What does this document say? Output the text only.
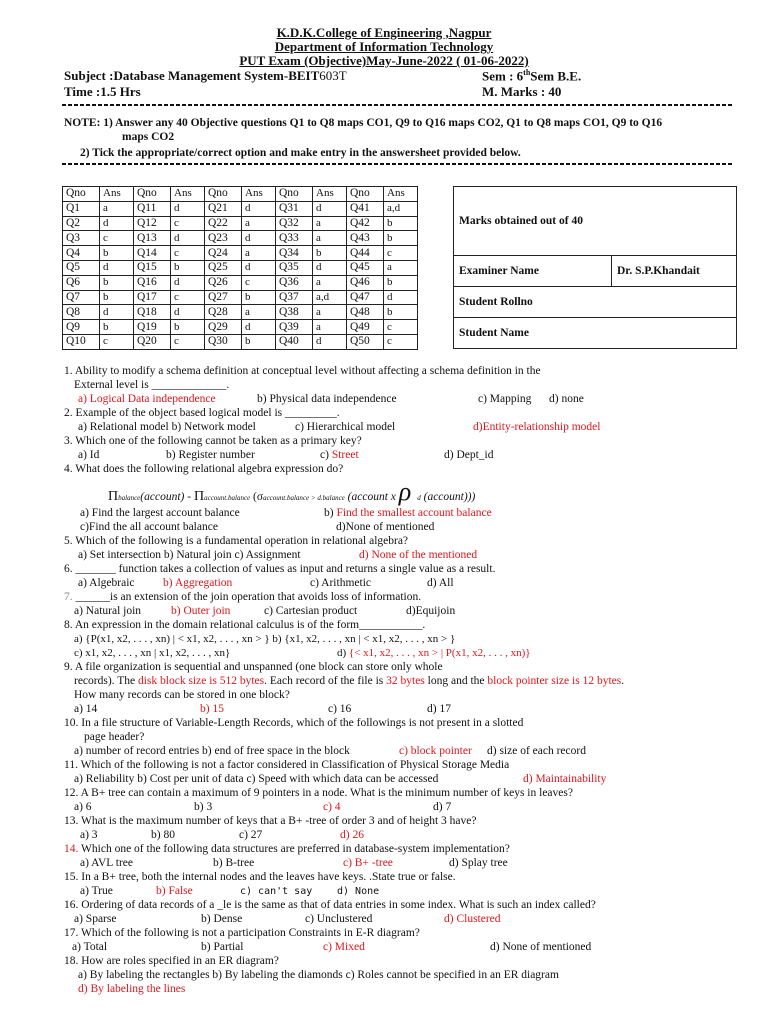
K.D.K.College of Engineering ,Nagpur
Department of Information Technology
PUT Exam (Objective)May-June-2022 ( 01-06-2022)
Subject :Database Management System-BEIT603T	Sem : 6thSem B.E.
Time :1.5 Hrs	M. Marks : 40
NOTE: 1) Answer any 40 Objective questions Q1 to Q8 maps CO1, Q9 to Q16 maps CO2, Q1 to Q8 maps CO1, Q9 to Q16
maps CO2
2) Tick the appropriate/correct option and make entry in the answersheet provided below.
Qno	Ans	Qno	Ans	Qno	Ans	Qno	Ans	Qno	Ans
Q1	a	Q11	d	Q21	d	Q31	d	Q41	a,d
Q2	d	Q12	c	Q22	a	Q32	a	Q42	b
Q3	c	Q13	d	Q23	d	Q33	a	Q43	b
Q4	b	Q14	c	Q24	a	Q34	b	Q44	c
Q5	d	Q15	b	Q25	d	Q35	d	Q45	a
Q6	b	Q16	d	Q26	c	Q36	a	Q46	b
Q7	b	Q17	c	Q27	b	Q37	a,d	Q47	d
Q8	d	Q18	d	Q28	a	Q38	a	Q48	b
Q9	b	Q19	b	Q29	d	Q39	a	Q49	c
Q10	c	Q20	c	Q30	b	Q40	d	Q50	c
Marks obtained out of 40
Examiner Name	Dr. S.P.Khandait
Student Rollno
Student Name
1. Ability to modify a schema definition at conceptual level without affecting a schema definition in the
External level is _____________.
a) Logical Data independence	b) Physical data independence	c) Mapping d) none
2. Example of the object based logical model is _________.
a) Relational model b) Network model	c) Hierarchical model	d)Entity-relationship model
3. Which one of the following cannot be taken as a primary key?
a) Id	b) Register number	c) Street	d) Dept_id
4. What does the following relational algebra expression do?
Πbalance(account) - Πaccount.balance (σaccount.balance > d.balance (account x ρ d (account)))
a) Find the largest account balance	b) Find the smallest account balance
c)Find the all account balance	d)None of mentioned
5. Which of the following is a fundamental operation in relational algebra?
a) Set intersection b) Natural join c) Assignment	d) None of the mentioned
6. _______ function takes a collection of values as input and returns a single value as a result.
a) Algebraic b) Aggregation	c) Arithmetic	d) All
7. ______is an extension of the join operation that avoids loss of information.
a) Natural join	b) Outer join	c) Cartesian product	d)Equijoin
8. An expression in the domain relational calculus is of the form___________.
a) {P(x1, x2, . . . , xn) | < x1, x2, . . . , xn > } b) {x1, x2, . . . , xn | < x1, x2, . . . , xn > }
c) x1, x2, . . . , xn | x1, x2, . . . , xn}	d) {< x1, x2, . . . , xn > | P(x1, x2, . . . , xn)}
9. A file organization is sequential and unspanned (one block can store only whole
records). The disk block size is 512 bytes. Each record of the file is 32 bytes long and the block pointer size is 12 bytes.
How many records can be stored in one block?
a) 14	b) 15	c) 16	d) 17
10. In a file structure of Variable-Length Records, which of the followings is not present in a slotted
page header?
a) number of record entries b) end of free space in the block	c) block pointer d) size of each record
11. Which of the following is not a factor considered in Classification of Physical Storage Media
a) Reliability b) Cost per unit of data c) Speed with which data can be accessed	d) Maintainability
12. A B+ tree can contain a maximum of 9 pointers in a node. What is the minimum number of keys in leaves?
a) 6	b) 3	c) 4	d) 7
13. What is the maximum number of keys that a B+ -tree of order 3 and of height 3 have?
a) 3	b) 80	c) 27	d) 26
14. Which one of the following data structures are preferred in database-system implementation?
a) AVL tree	b) B-tree	c) B+ -tree	d) Splay tree
15. In a B+ tree, both the internal nodes and the leaves have keys. .State true or false.
a) True	b) False	c) can't say d) None
16. Ordering of data records of a _le is the same as that of data entries in some index. What is such an index called?
a) Sparse	b) Dense	c) Unclustered	d) Clustered
17. Which of the following is not a participation Constraints in E-R diagram?
a) Total	b) Partial	c) Mixed	d) None of mentioned
18. How are roles specified in an ER diagram?
a) By labeling the rectangles b) By labeling the diamonds c) Roles cannot be specified in an ER diagram
d) By labeling the lines
